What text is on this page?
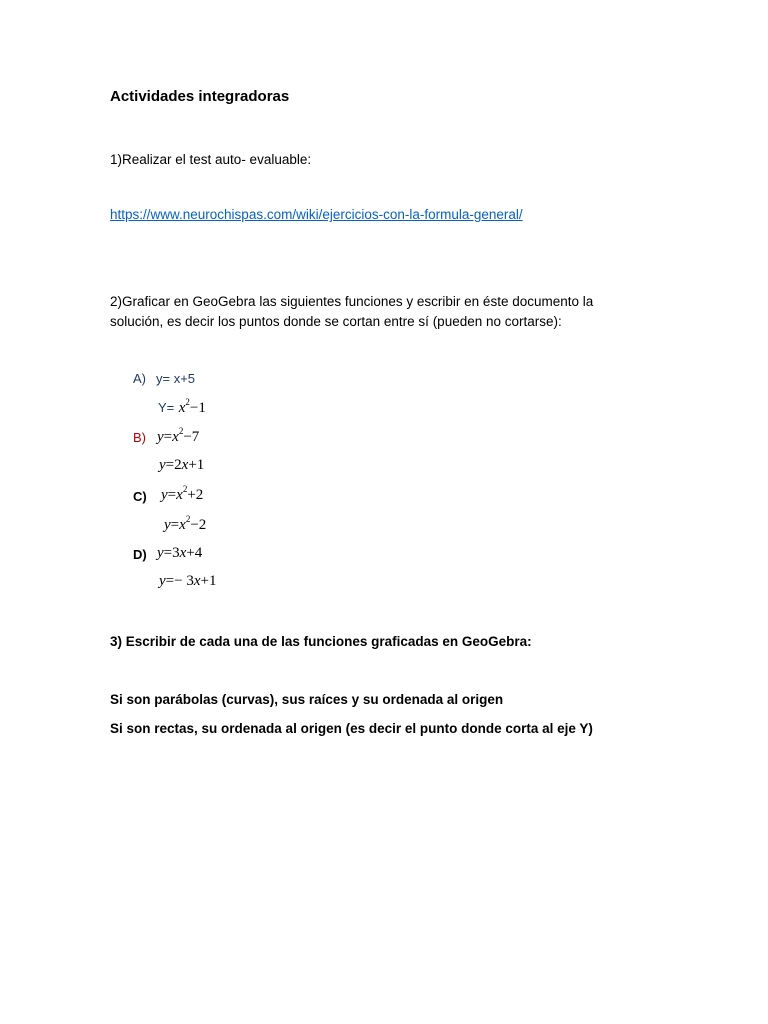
Actividades integradoras
1)Realizar el test auto- evaluable:
https://www.neurochispas.com/wiki/ejercicios-con-la-formula-general/
2)Graficar en GeoGebra las siguientes funciones y escribir en éste documento la
solución, es decir los puntos donde se cortan entre sí (pueden no cortarse):
A) y= x+5
$Y= x^2-1$
B) $y=x^2-7$
y=2x+1
C) $y=x^2+2$
$y=x^2-2$
D) y=3x+4
y=− 3x+1
3) Escribir de cada una de las funciones graficadas en GeoGebra:
Si son parábolas (curvas), sus raíces y su ordenada al origen
Si son rectas, su ordenada al origen (es decir el punto donde corta al eje Y)
